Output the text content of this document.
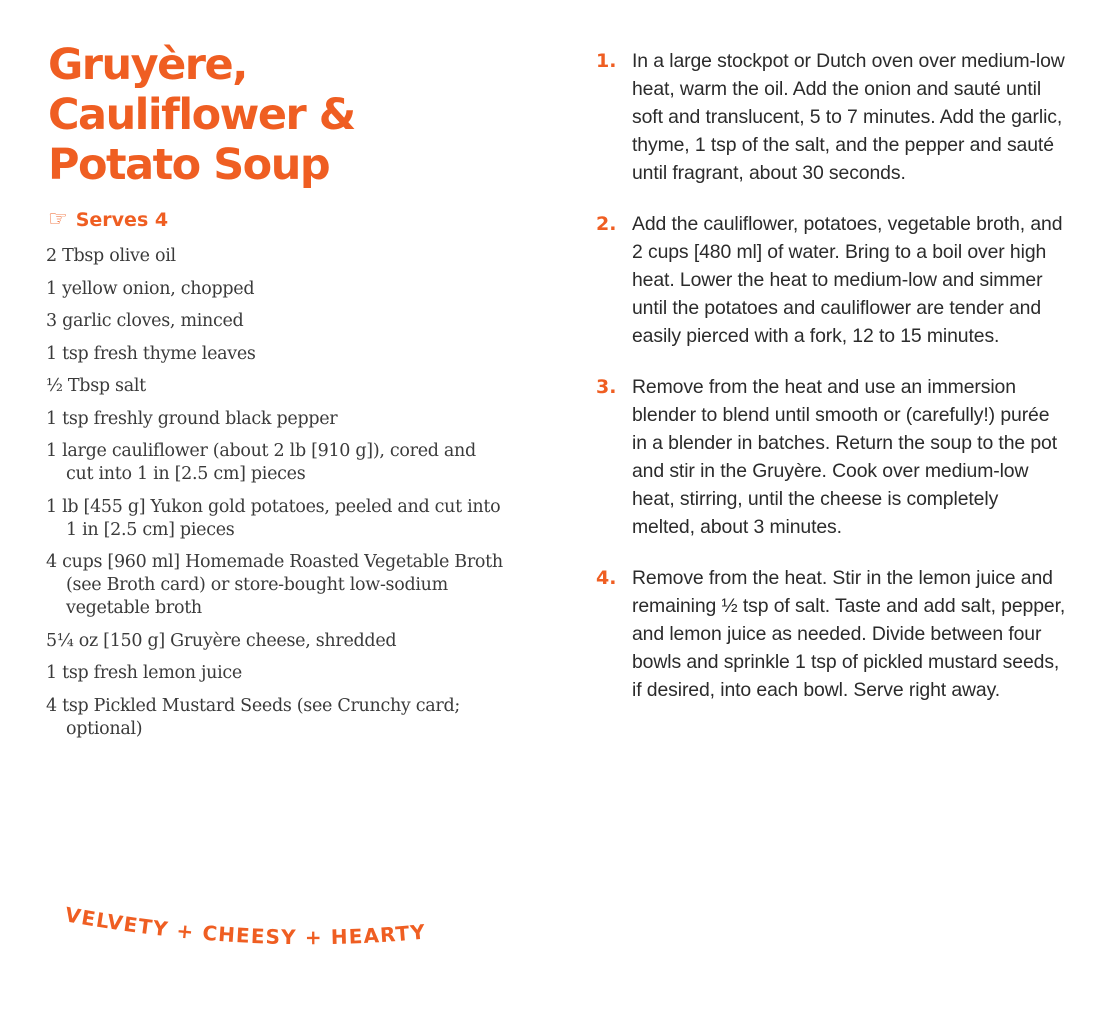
Gruyère,
Cauliflower &
Potato Soup
☞ Serves 4
2 Tbsp olive oil
1 yellow onion, chopped
3 garlic cloves, minced
1 tsp fresh thyme leaves
½ Tbsp salt
1 tsp freshly ground black pepper
1 large cauliflower (about 2 lb [910 g]), cored and cut into 1 in [2.5 cm] pieces
1 lb [455 g] Yukon gold potatoes, peeled and cut into 1 in [2.5 cm] pieces
4 cups [960 ml] Homemade Roasted Vegetable Broth (see Broth card) or store-bought low-sodium vegetable broth
5¼ oz [150 g] Gruyère cheese, shredded
1 tsp fresh lemon juice
4 tsp Pickled Mustard Seeds (see Crunchy card; optional)
1. In a large stockpot or Dutch oven over medium-low heat, warm the oil. Add the onion and sauté until soft and translucent, 5 to 7 minutes. Add the garlic, thyme, 1 tsp of the salt, and the pepper and sauté until fragrant, about 30 seconds.
2. Add the cauliflower, potatoes, vegetable broth, and 2 cups [480 ml] of water. Bring to a boil over high heat. Lower the heat to medium-low and simmer until the potatoes and cauliflower are tender and easily pierced with a fork, 12 to 15 minutes.
3. Remove from the heat and use an immersion blender to blend until smooth or (carefully!) purée in a blender in batches. Return the soup to the pot and stir in the Gruyère. Cook over medium-low heat, stirring, until the cheese is completely melted, about 3 minutes.
4. Remove from the heat. Stir in the lemon juice and remaining ½ tsp of salt. Taste and add salt, pepper, and lemon juice as needed. Divide between four bowls and sprinkle 1 tsp of pickled mustard seeds, if desired, into each bowl. Serve right away.
VELVETY + CHEESY + HEARTY
